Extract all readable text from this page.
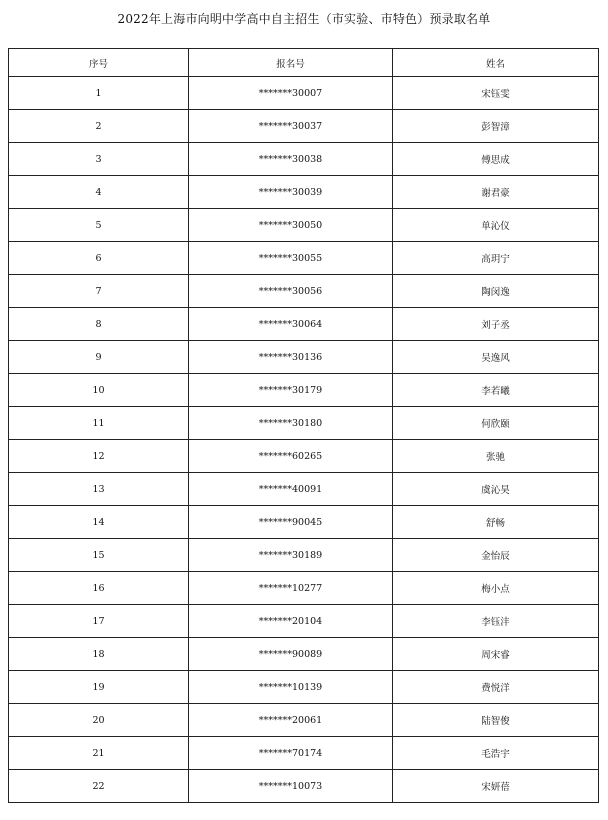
2022年上海市向明中学高中自主招生（市实验、市特色）预录取名单
序号	报名号	姓名
1	*******30007	宋钰雯
2	*******30037	彭智漳
3	*******30038	傅思成
4	*******30039	谢君豪
5	*******30050	单沁仪
6	*******30055	高玥宁
7	*******30056	陶闵逸
8	*******30064	刘子丞
9	*******30136	吴逸风
10	*******30179	李若曦
11	*******30180	何欣颐
12	*******60265	张驰
13	*******40091	虞沁昊
14	*******90045	舒畅
15	*******30189	金怡辰
16	*******10277	梅小点
17	*******20104	李钰沣
18	*******90089	周宋睿
19	*******10139	费悦洋
20	*******20061	陆智俊
21	*******70174	毛浩宇
22	*******10073	宋妍蓓
